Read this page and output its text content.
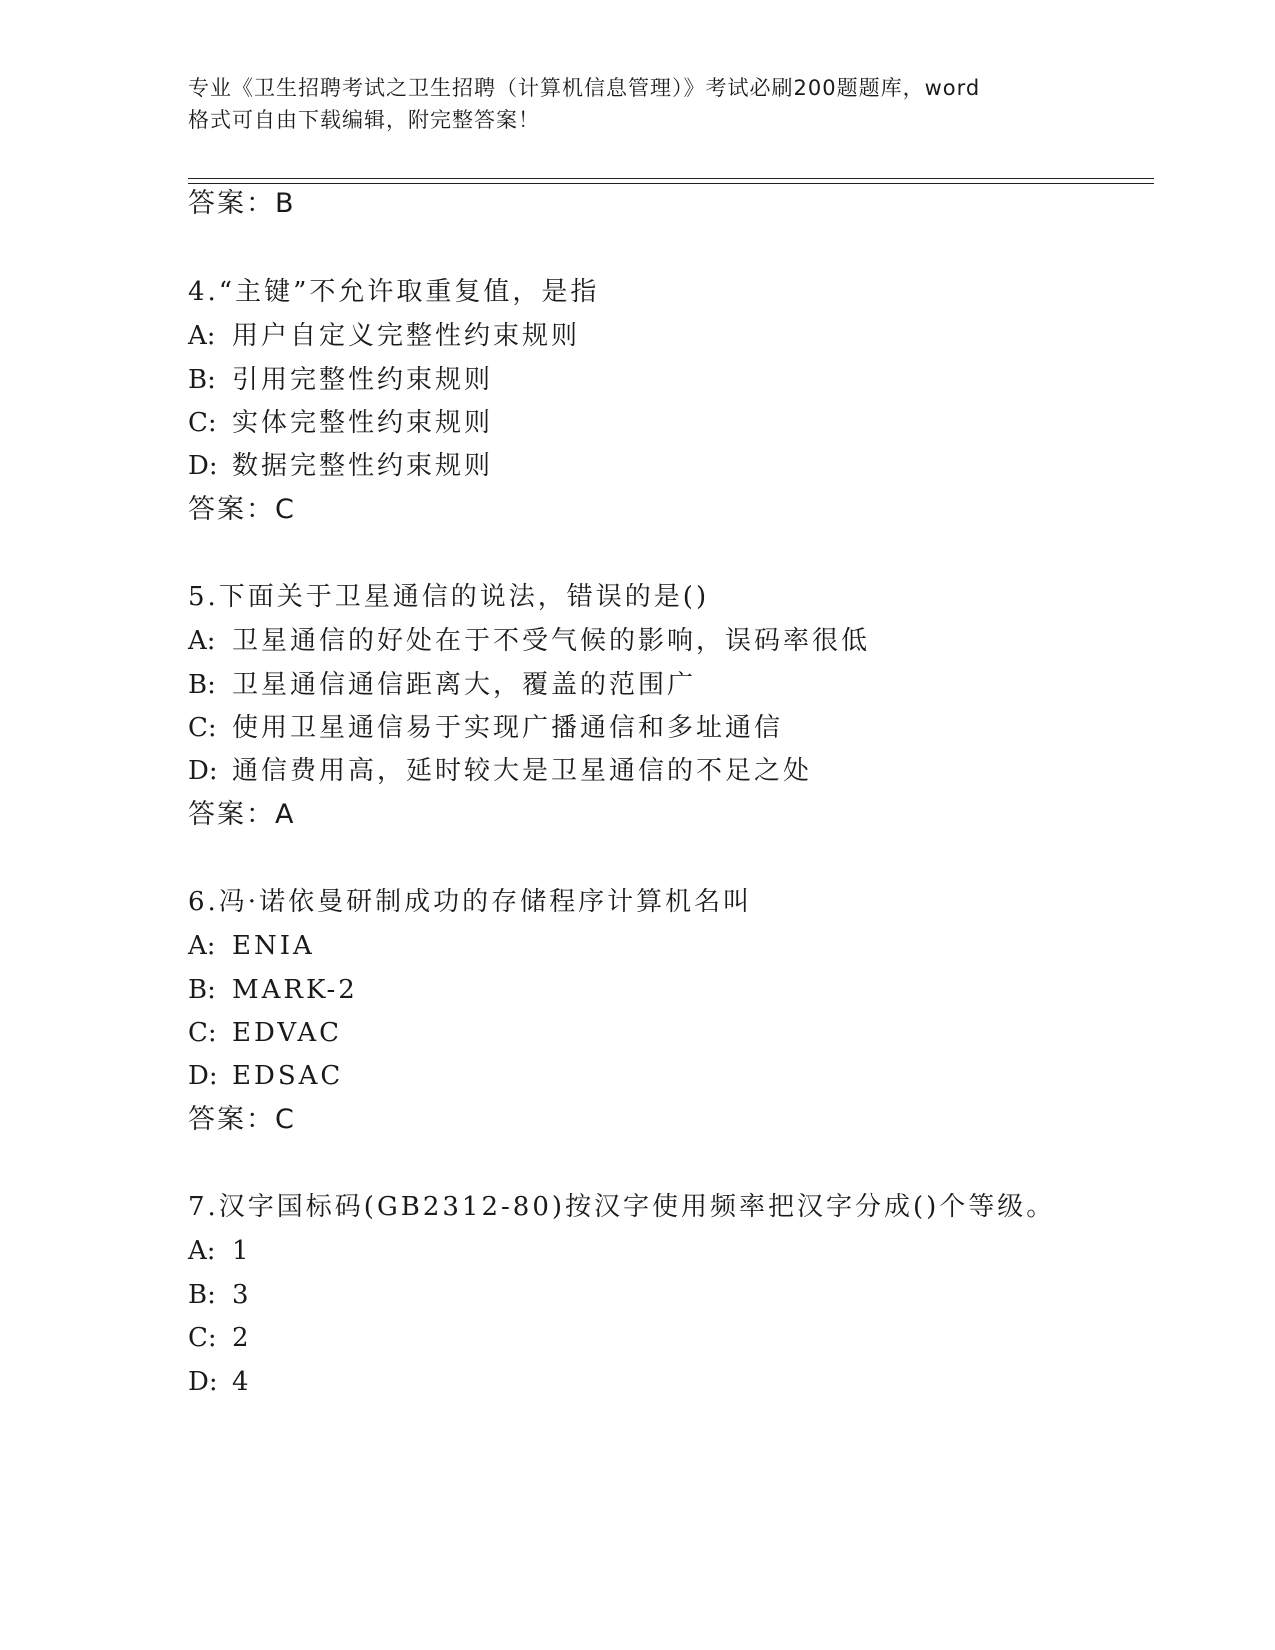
专业《卫生招聘考试之卫生招聘（计算机信息管理）》考试必刷200题题库，word
格式可自由下载编辑，附完整答案！
答案：B
4.“主键”不允许取重复值，是指
A: 用户自定义完整性约束规则
B: 引用完整性约束规则
C: 实体完整性约束规则
D: 数据完整性约束规则
答案：C
5.下面关于卫星通信的说法，错误的是()
A: 卫星通信的好处在于不受气候的影响，误码率很低
B: 卫星通信通信距离大，覆盖的范围广
C: 使用卫星通信易于实现广播通信和多址通信
D: 通信费用高，延时较大是卫星通信的不足之处
答案：A
6.冯·诺依曼研制成功的存储程序计算机名叫
A: ENIA
B: MARK-2
C: EDVAC
D: EDSAC
答案：C
7.汉字国标码(GB2312-80)按汉字使用频率把汉字分成()个等级。
A: 1
B: 3
C: 2
D: 4
